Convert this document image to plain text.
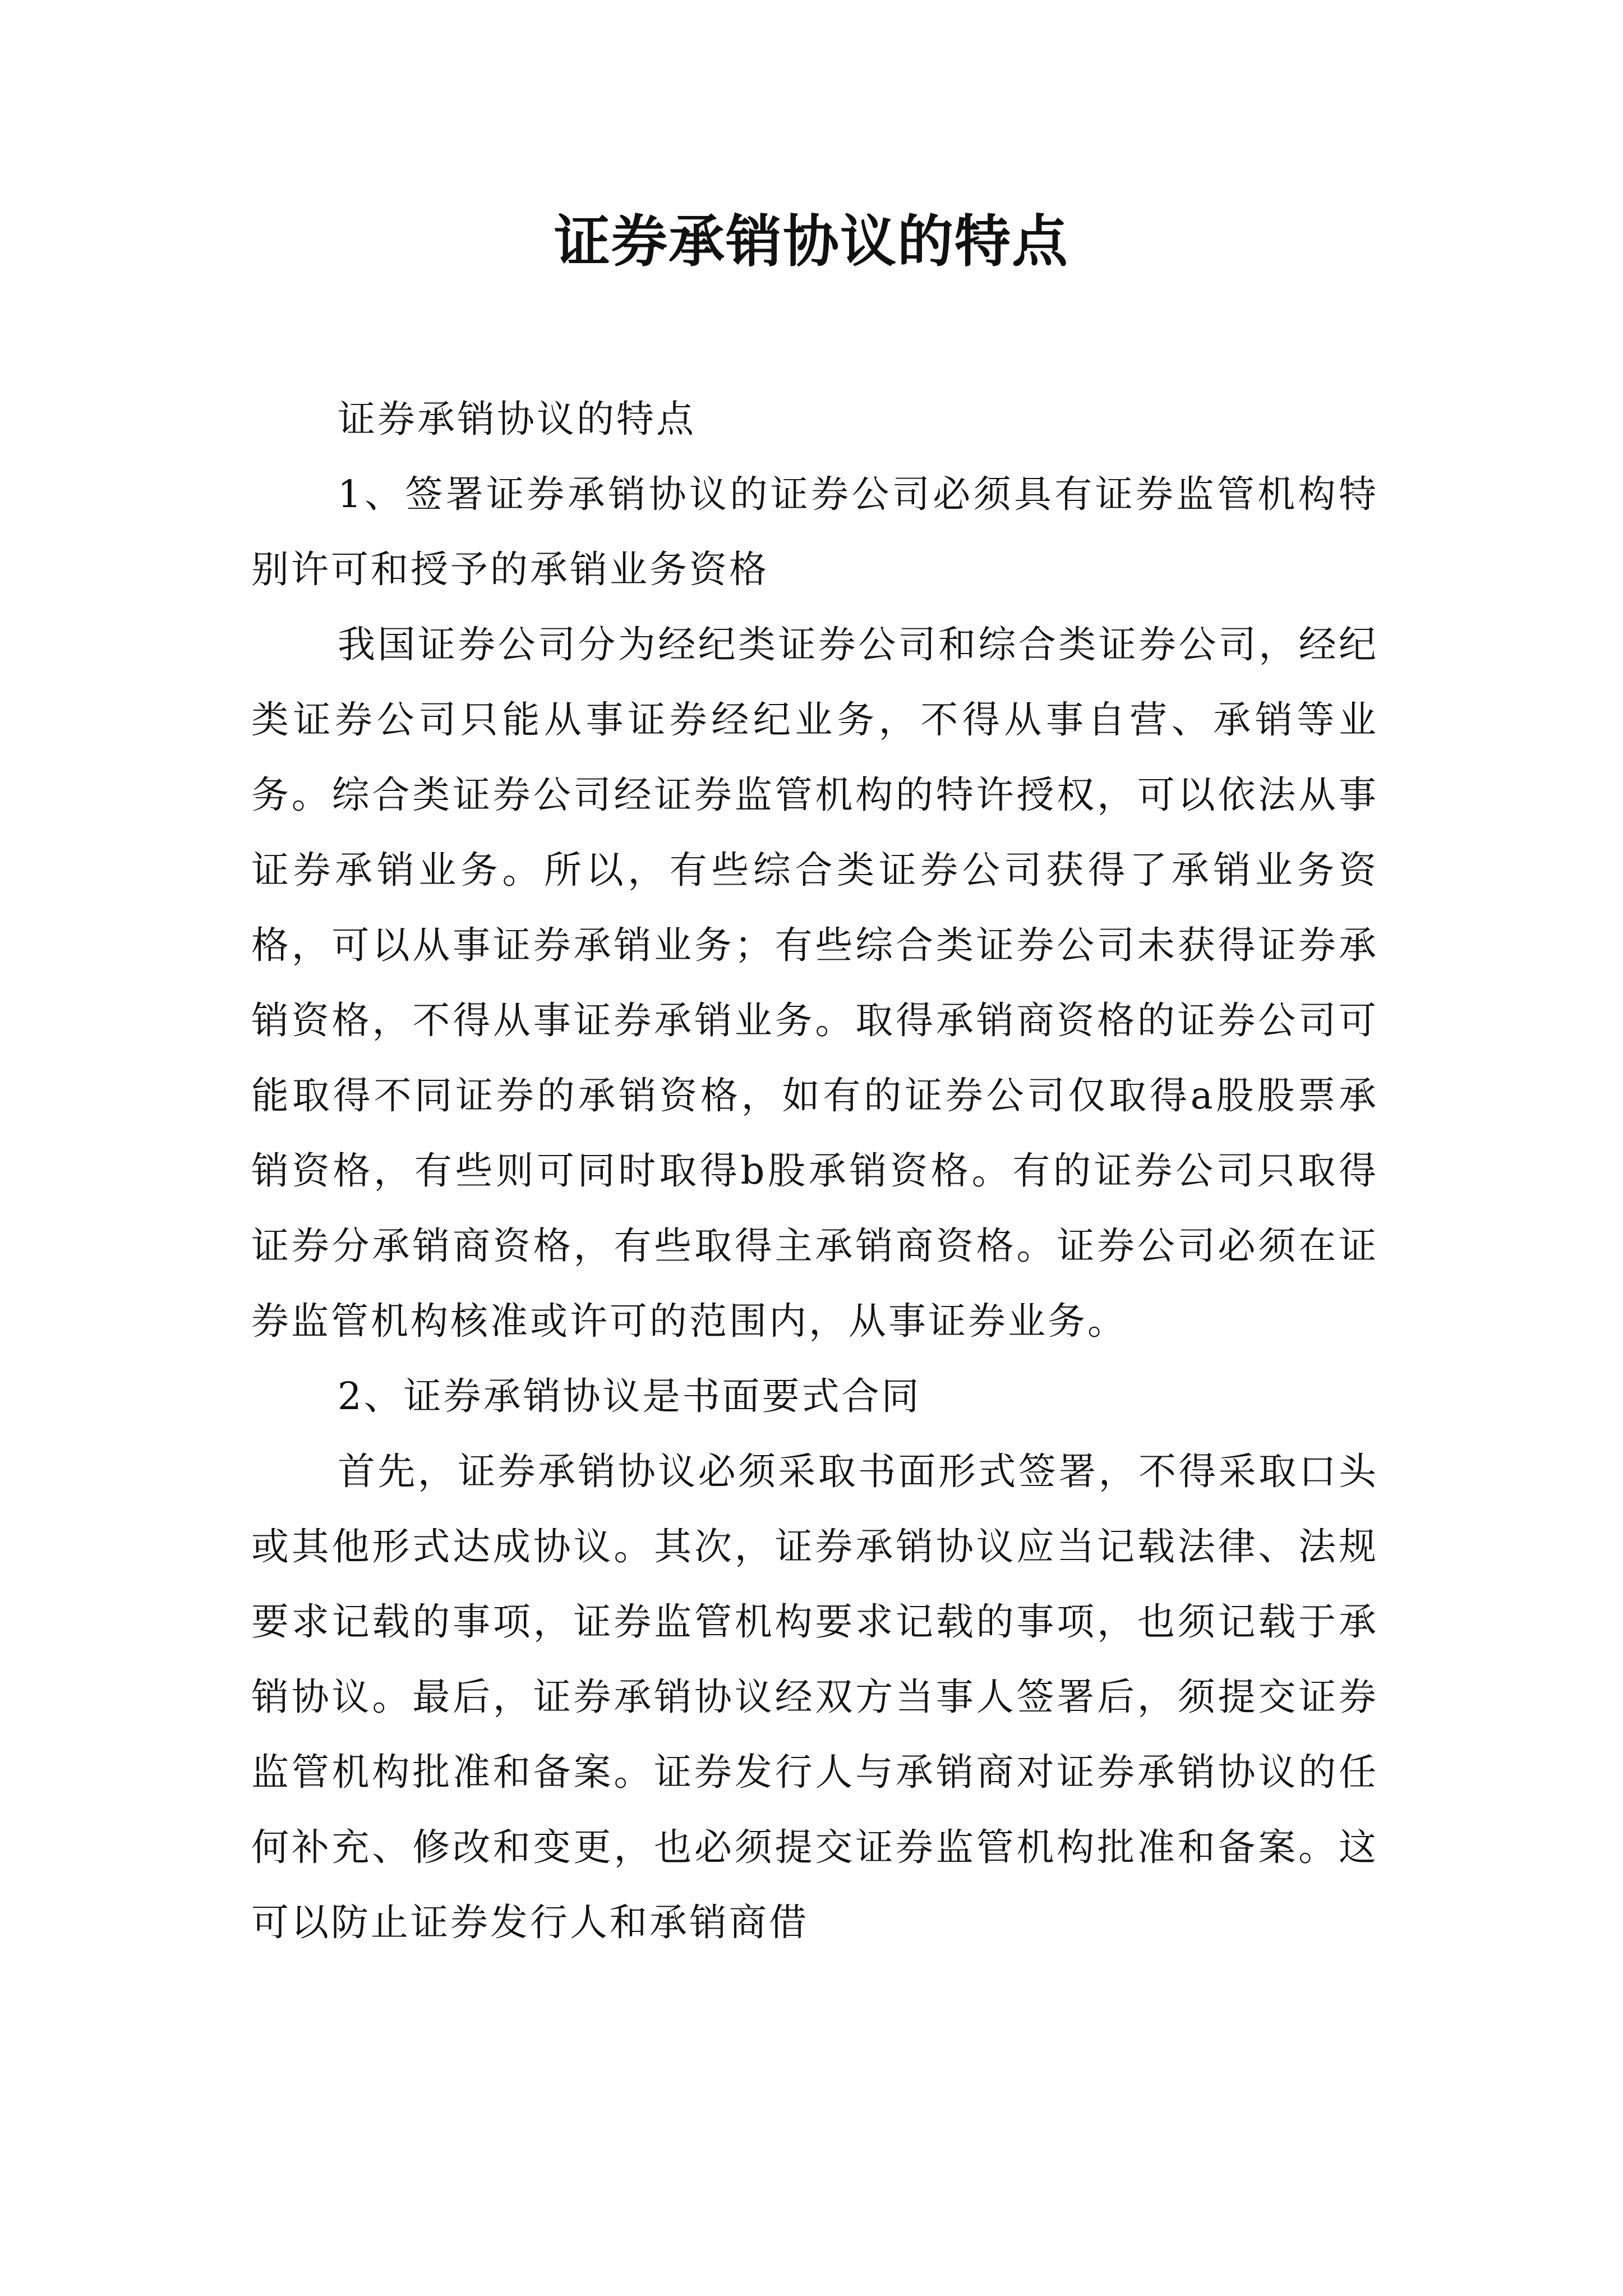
证券承销协议的特点

证券承销协议的特点

1、签署证券承销协议的证券公司必须具有证券监管机构特别许可和授予的承销业务资格

我国证券公司分为经纪类证券公司和综合类证券公司，经纪类证券公司只能从事证券经纪业务，不得从事自营、承销等业务。综合类证券公司经证券监管机构的特许授权，可以依法从事证券承销业务。所以，有些综合类证券公司获得了承销业务资格，可以从事证券承销业务；有些综合类证券公司未获得证券承销资格，不得从事证券承销业务。取得承销商资格的证券公司可能取得不同证券的承销资格，如有的证券公司仅取得a股股票承销资格，有些则可同时取得b股承销资格。有的证券公司只取得证券分承销商资格，有些取得主承销商资格。证券公司必须在证券监管机构核准或许可的范围内，从事证券业务。

2、证券承销协议是书面要式合同

首先，证券承销协议必须采取书面形式签署，不得采取口头或其他形式达成协议。其次，证券承销协议应当记载法律、法规要求记载的事项，证券监管机构要求记载的事项，也须记载于承销协议。最后，证券承销协议经双方当事人签署后，须提交证券监管机构批准和备案。证券发行人与承销商对证券承销协议的任何补充、修改和变更，也必须提交证券监管机构批准和备案。这可以防止证券发行人和承销商借
